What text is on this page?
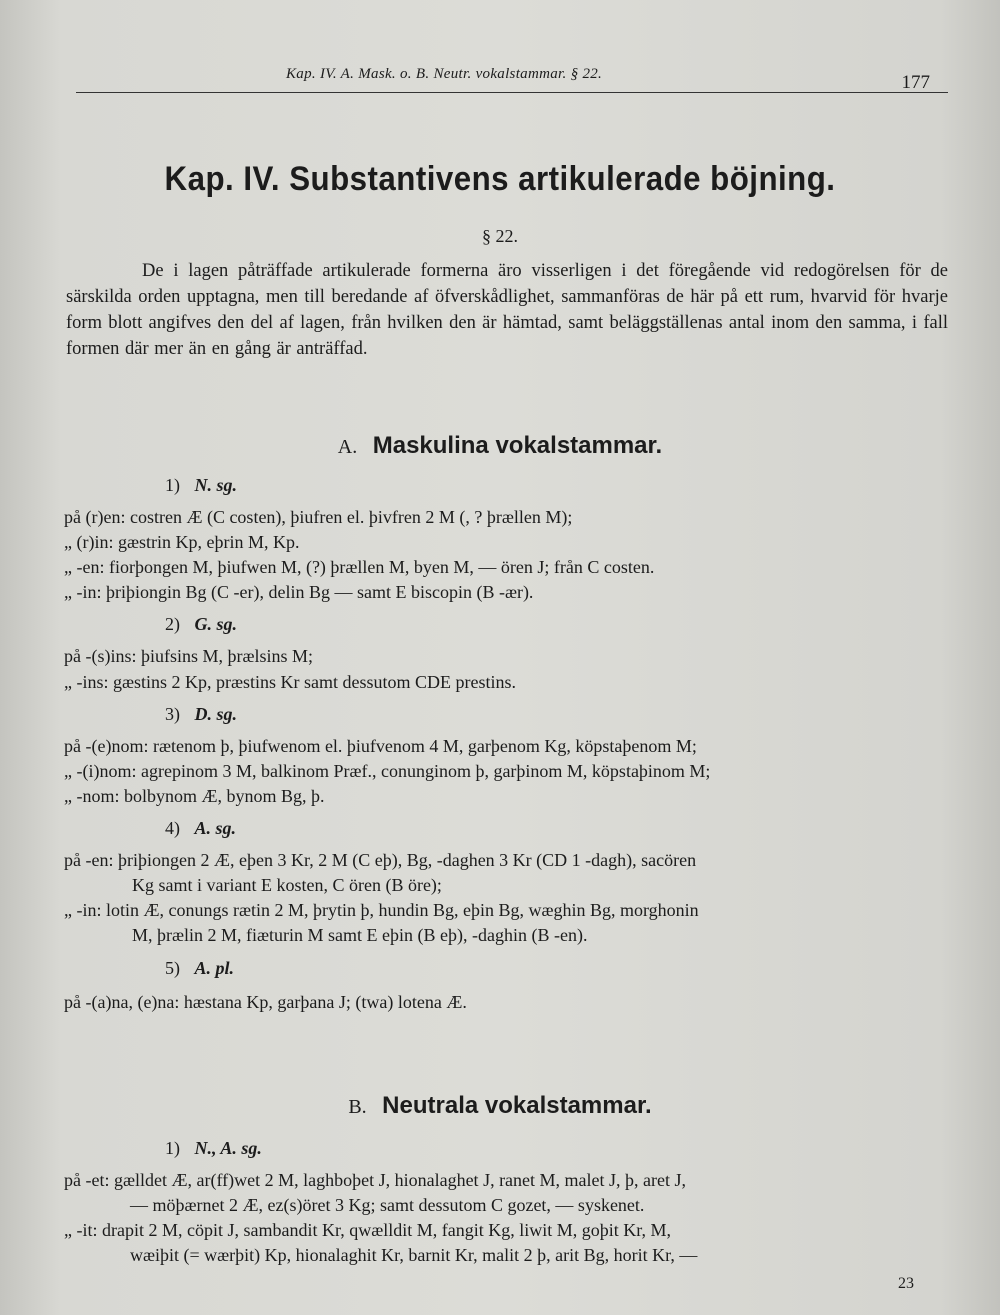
Kap. IV. A. Mask. o. B. Neutr. vokalstammar. § 22.	177
Kap. IV. Substantivens artikulerade böjning.
§ 22.
De i lagen påträffade artikulerade formerna äro visserligen i det föregående vid redogörelsen för de särskilda orden upptagna, men till beredande af öfverskådlighet, sammanföras de här på ett rum, hvarvid för hvarje form blott angifves den del af lagen, från hvilken den är hämtad, samt beläggställenas antal inom den samma, i fall formen där mer än en gång är anträffad.
A. Maskulina vokalstammar.
1) N. sg.
på (r)en: costren Æ (C costen), þiufren el. þivfren 2 M (, ? þrællen M);
„ (r)in: gæstrin Kp, eþrin M, Kp.
„ -en: fiorþongen M, þiufwen M, (?) þrællen M, byen M, — ören J; från C costen.
„ -in: þriþiongin Bg (C -er), delin Bg — samt E biscopin (B -ær).
2) G. sg.
på -(s)ins: þiufsins M, þrælsins M;
„ -ins: gæstins 2 Kp, præstins Kr samt dessutom CDE prestins.
3) D. sg.
på -(e)nom: rætenom þ, þiufwenom el. þiufvenom 4 M, garþenom Kg, köpstaþenom M;
„ -(i)nom: agrepinom 3 M, balkinom Præf., conunginom þ, garþinom M, köpstaþinom M;
„ -nom: bolbynom Æ, bynom Bg, þ.
4) A. sg.
på -en: þriþiongen 2 Æ, eþen 3 Kr, 2 M (C eþ), Bg, -daghen 3 Kr (CD 1 -dagh), sacören
Kg samt i variant E kosten, C ören (B öre);
„ -in: lotin Æ, conungs rætin 2 M, þrytin þ, hundin Bg, eþin Bg, wæghin Bg, morghonin
M, þrælin 2 M, fiæturin M samt E eþin (B eþ), -daghin (B -en).
5) A. pl.
på -(a)na, (e)na: hæstana Kp, garþana J; (twa) lotena Æ.
B. Neutrala vokalstammar.
1) N., A. sg.
på -et: gælldet Æ, ar(ff)wet 2 M, laghboþet J, hionalaghet J, ranet M, malet J, þ, aret J,
— möþærnet 2 Æ, ez(s)öret 3 Kg; samt dessutom C gozet, — syskenet.
„ -it: drapit 2 M, cöpit J, sambandit Kr, qwælldit M, fangit Kg, liwit M, goþit Kr, M,
wæiþit (= wærþit) Kp, hionalaghit Kr, barnit Kr, malit 2 þ, arit Bg, horit Kr, —
23
